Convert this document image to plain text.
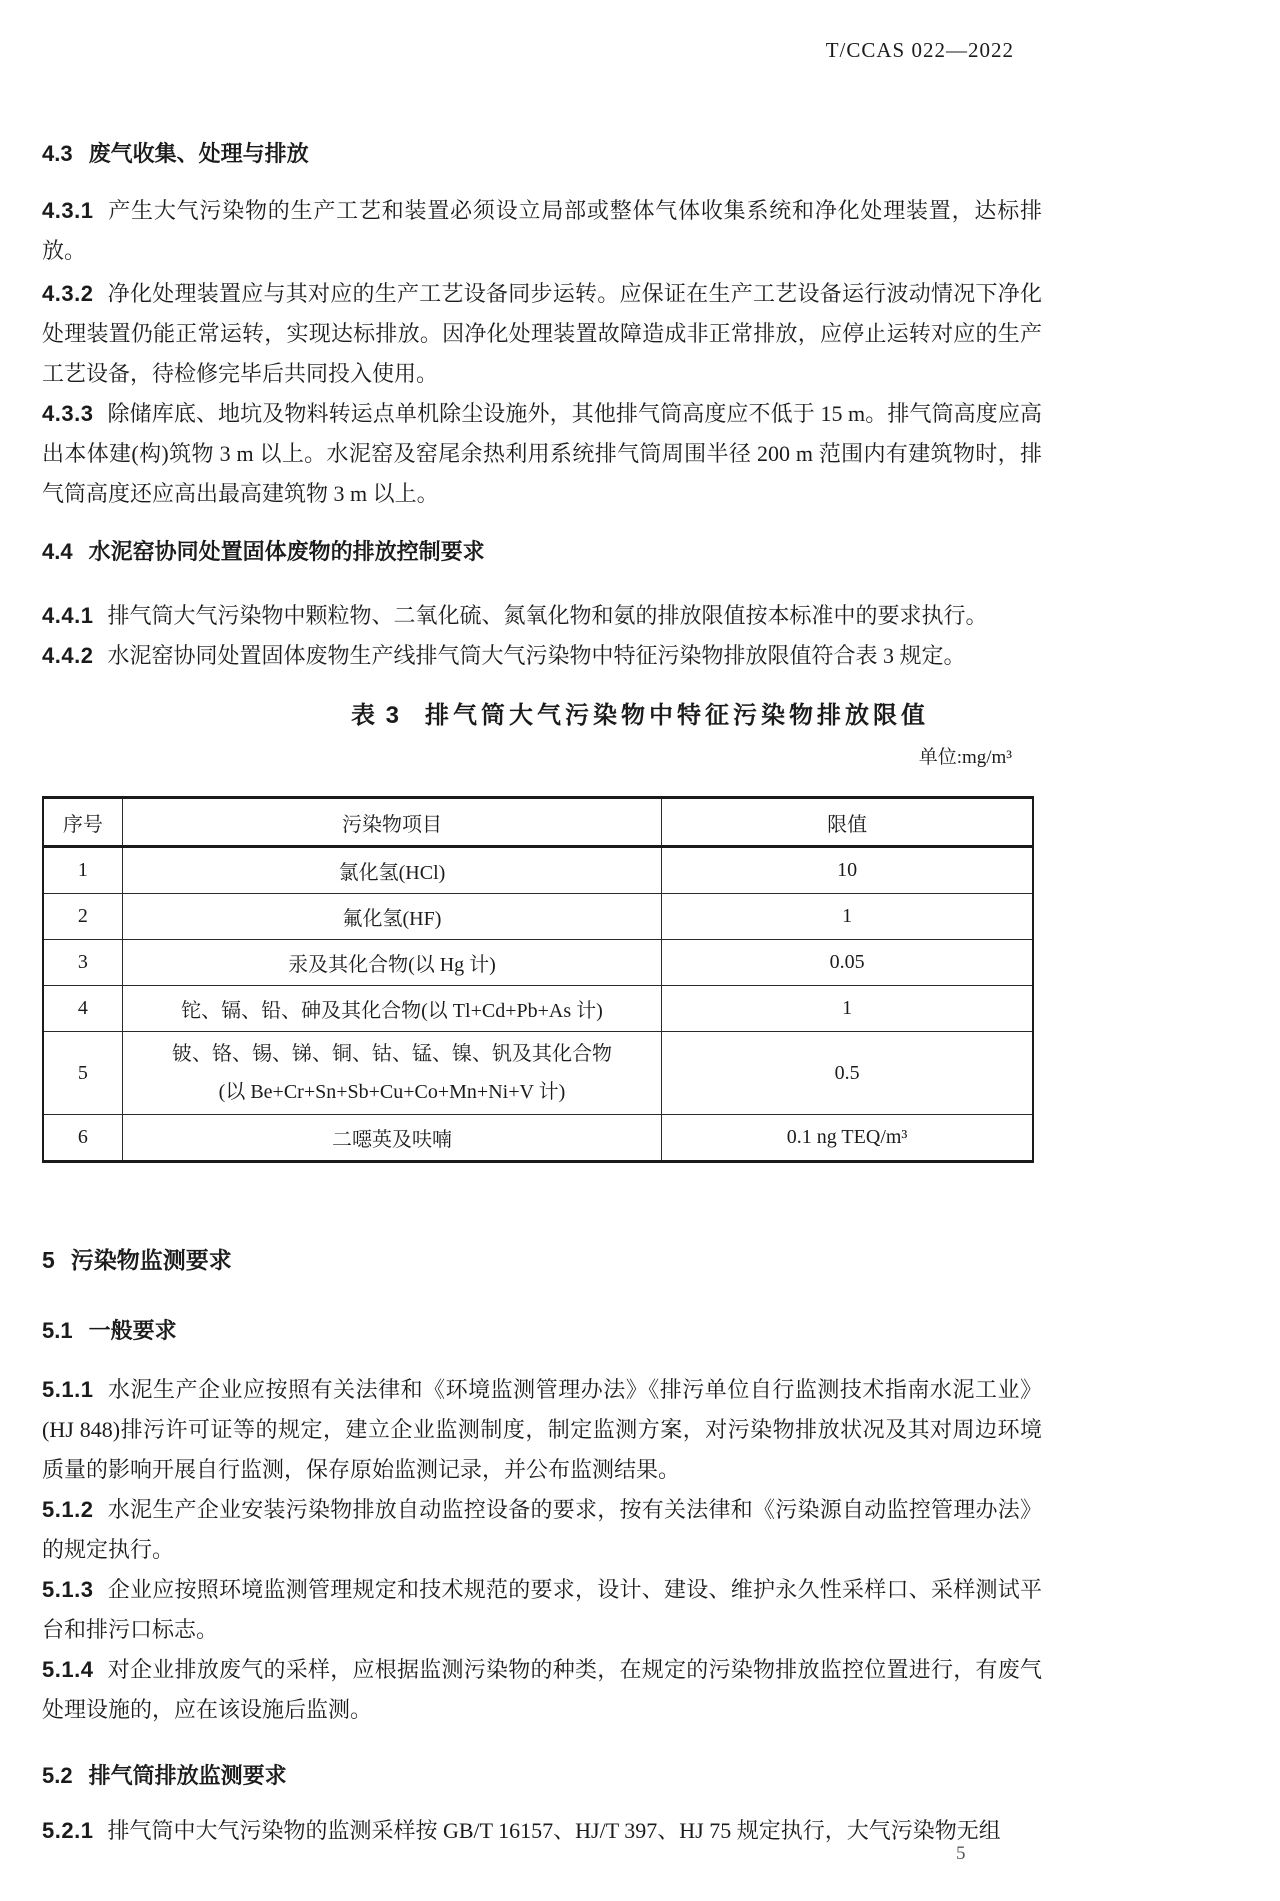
T/CCAS 022—2022
4.3 废气收集、处理与排放

4.3.1 产生大气污染物的生产工艺和装置必须设立局部或整体气体收集系统和净化处理装置，达标排放。

4.3.2 净化处理装置应与其对应的生产工艺设备同步运转。应保证在生产工艺设备运行波动情况下净化处理装置仍能正常运转，实现达标排放。因净化处理装置故障造成非正常排放，应停止运转对应的生产工艺设备，待检修完毕后共同投入使用。

4.3.3 除储库底、地坑及物料转运点单机除尘设施外，其他排气筒高度应不低于 15 m。排气筒高度应高出本体建(构)筑物 3 m 以上。水泥窑及窑尾余热利用系统排气筒周围半径 200 m 范围内有建筑物时，排气筒高度还应高出最高建筑物 3 m 以上。

4.4 水泥窑协同处置固体废物的排放控制要求

4.4.1 排气筒大气污染物中颗粒物、二氧化硫、氮氧化物和氨的排放限值按本标准中的要求执行。

4.4.2 水泥窑协同处置固体废物生产线排气筒大气污染物中特征污染物排放限值符合表 3 规定。

表 3 排气筒大气污染物中特征污染物排放限值
单位:mg/m³
序号	污染物项目	限值
1	氯化氢(HCl)	10
2	氟化氢(HF)	1
3	汞及其化合物(以 Hg 计)	0.05
4	铊、镉、铅、砷及其化合物(以 Tl+Cd+Pb+As 计)	1
5	铍、铬、锡、锑、铜、钴、锰、镍、钒及其化合物
(以 Be+Cr+Sn+Sb+Cu+Co+Mn+Ni+V 计)	0.5
6	二噁英及呋喃	0.1 ng TEQ/m³
5 污染物监测要求
5.1 一般要求

5.1.1 水泥生产企业应按照有关法律和《环境监测管理办法》《排污单位自行监测技术指南水泥工业》(HJ 848)排污许可证等的规定，建立企业监测制度，制定监测方案，对污染物排放状况及其对周边环境质量的影响开展自行监测，保存原始监测记录，并公布监测结果。

5.1.2 水泥生产企业安装污染物排放自动监控设备的要求，按有关法律和《污染源自动监控管理办法》的规定执行。

5.1.3 企业应按照环境监测管理规定和技术规范的要求，设计、建设、维护永久性采样口、采样测试平台和排污口标志。

5.1.4 对企业排放废气的采样，应根据监测污染物的种类，在规定的污染物排放监控位置进行，有废气处理设施的，应在该设施后监测。

5.2 排气筒排放监测要求

5.2.1 排气筒中大气污染物的监测采样按 GB/T 16157、HJ/T 397、HJ 75 规定执行，大气污染物无组

5
